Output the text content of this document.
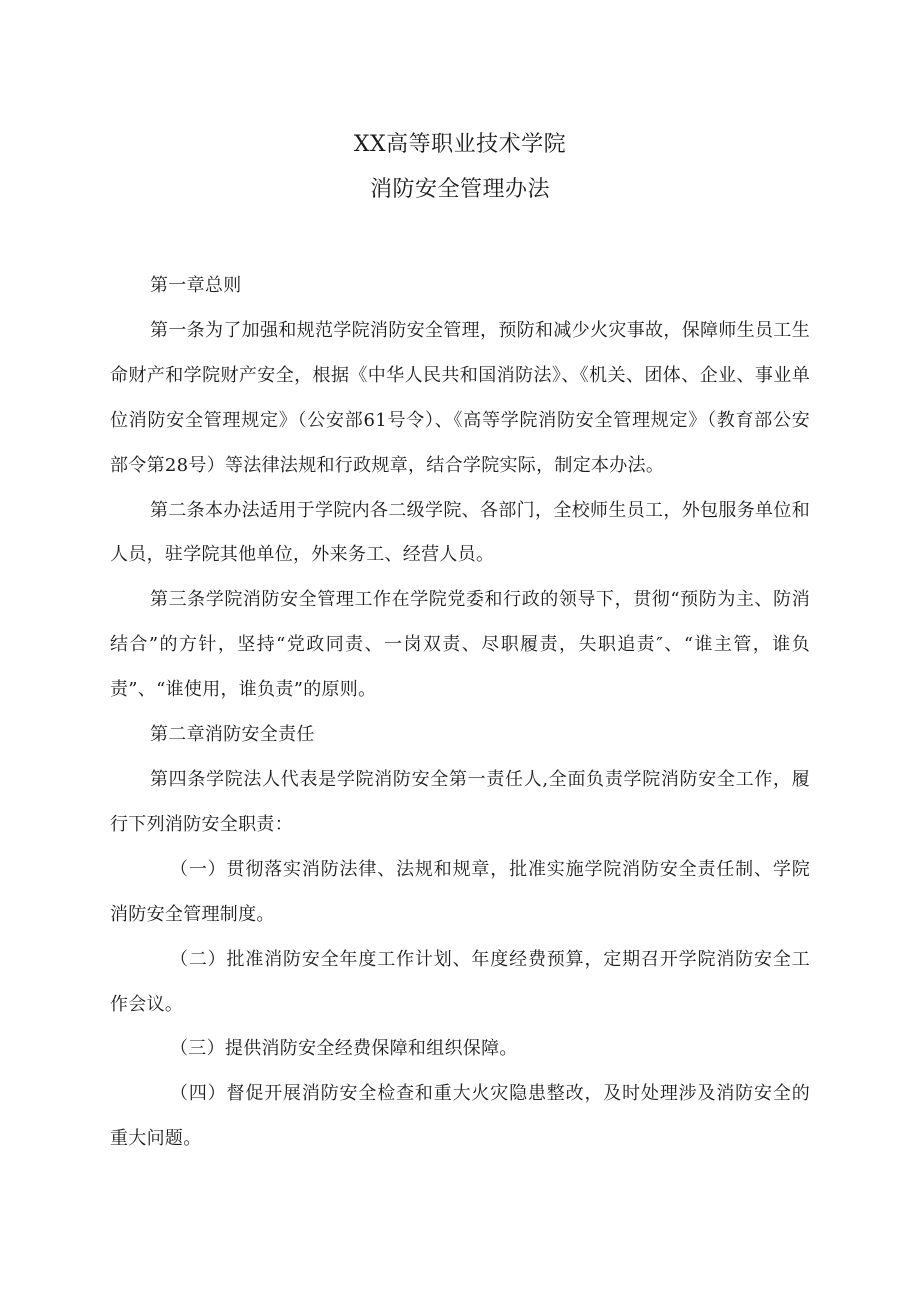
XX高等职业技术学院
消防安全管理办法

第一章总则

第一条为了加强和规范学院消防安全管理，预防和减少火灾事故，保障师生员工生命财产和学院财产安全，根据《中华人民共和国消防法》、《机关、团体、企业、事业单位消防安全管理规定》（公安部61号令）、《高等学院消防安全管理规定》（教育部公安部令第28号）等法律法规和行政规章，结合学院实际，制定本办法。

第二条本办法适用于学院内各二级学院、各部门，全校师生员工，外包服务单位和人员，驻学院其他单位，外来务工、经营人员。

第三条学院消防安全管理工作在学院党委和行政的领导下，贯彻“预防为主、防消结合”的方针，坚持“党政同责、一岗双责、尽职履责，失职追责″、“谁主管，谁负责”、“谁使用，谁负责”的原则。

第二章消防安全责任

第四条学院法人代表是学院消防安全第一责任人,全面负责学院消防安全工作，履行下列消防安全职责：

（一）贯彻落实消防法律、法规和规章，批准实施学院消防安全责任制、学院消防安全管理制度。

（二）批准消防安全年度工作计划、年度经费预算，定期召开学院消防安全工作会议。

（三）提供消防安全经费保障和组织保障。

（四）督促开展消防安全检查和重大火灾隐患整改，及时处理涉及消防安全的重大问题。
